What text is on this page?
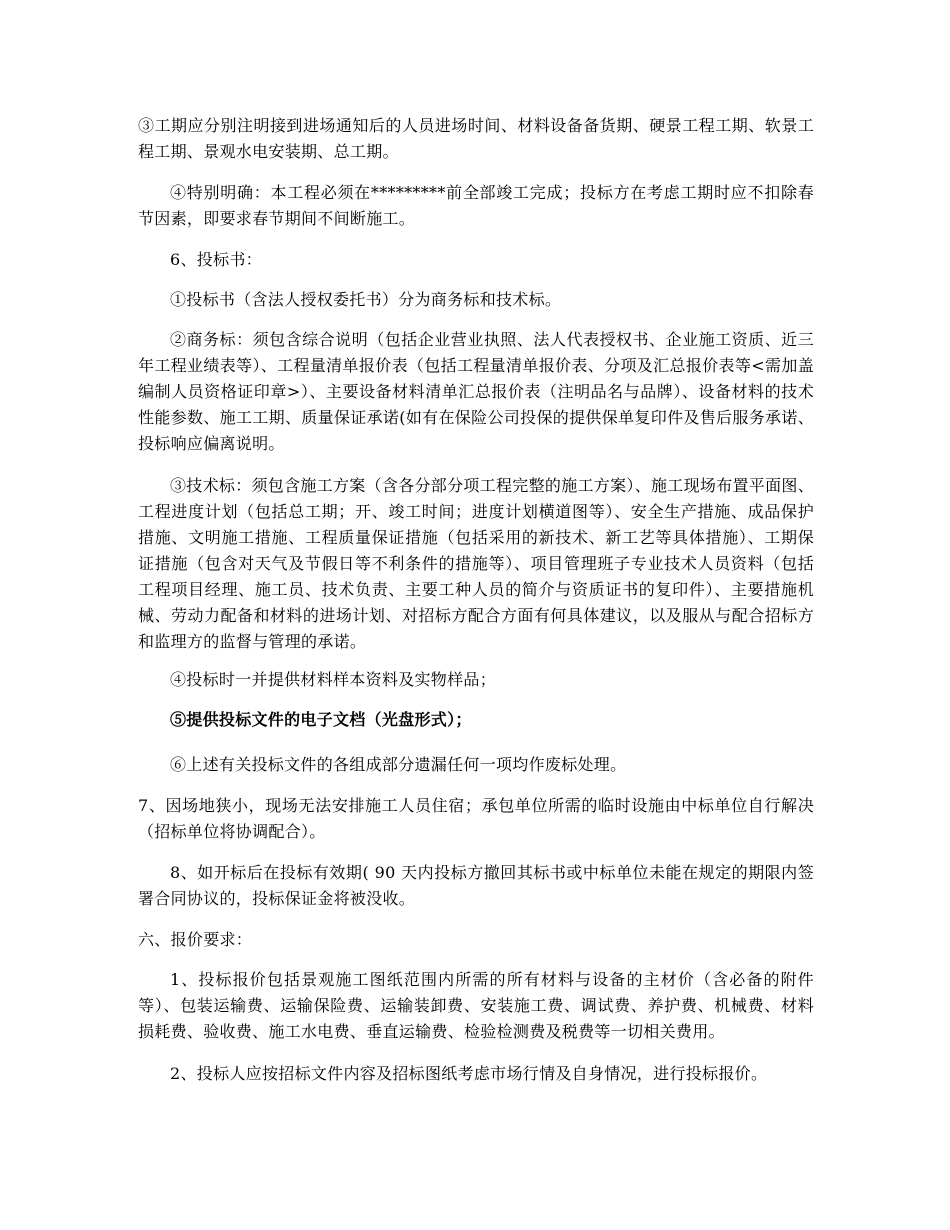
③工期应分别注明接到进场通知后的人员进场时间、材料设备备货期、硬景工程工期、软景工程工期、景观水电安装期、总工期。
④特别明确：本工程必须在*********前全部竣工完成；投标方在考虑工期时应不扣除春节因素，即要求春节期间不间断施工。
6、投标书：
①投标书（含法人授权委托书）分为商务标和技术标。
②商务标：须包含综合说明（包括企业营业执照、法人代表授权书、企业施工资质、近三年工程业绩表等）、工程量清单报价表（包括工程量清单报价表、分项及汇总报价表等<需加盖编制人员资格证印章>）、主要设备材料清单汇总报价表（注明品名与品牌）、设备材料的技术性能参数、施工工期、质量保证承诺(如有在保险公司投保的提供保单复印件及售后服务承诺、投标响应偏离说明。
③技术标：须包含施工方案（含各分部分项工程完整的施工方案）、施工现场布置平面图、工程进度计划（包括总工期；开、竣工时间；进度计划横道图等）、安全生产措施、成品保护措施、文明施工措施、工程质量保证措施（包括采用的新技术、新工艺等具体措施）、工期保证措施（包含对天气及节假日等不利条件的措施等）、项目管理班子专业技术人员资料（包括工程项目经理、施工员、技术负责、主要工种人员的简介与资质证书的复印件）、主要措施机械、劳动力配备和材料的进场计划、对招标方配合方面有何具体建议，以及服从与配合招标方和监理方的监督与管理的承诺。
④投标时一并提供材料样本资料及实物样品；
⑤提供投标文件的电子文档（光盘形式）；
⑥上述有关投标文件的各组成部分遗漏任何一项均作废标处理。
7、因场地狭小，现场无法安排施工人员住宿；承包单位所需的临时设施由中标单位自行解决（招标单位将协调配合）。
8、如开标后在投标有效期( 90 天内投标方撤回其标书或中标单位未能在规定的期限内签署合同协议的，投标保证金将被没收。
六、报价要求：
1、投标报价包括景观施工图纸范围内所需的所有材料与设备的主材价（含必备的附件等）、包装运输费、运输保险费、运输装卸费、安装施工费、调试费、养护费、机械费、材料损耗费、验收费、施工水电费、垂直运输费、检验检测费及税费等一切相关费用。
2、投标人应按招标文件内容及招标图纸考虑市场行情及自身情况，进行投标报价。
